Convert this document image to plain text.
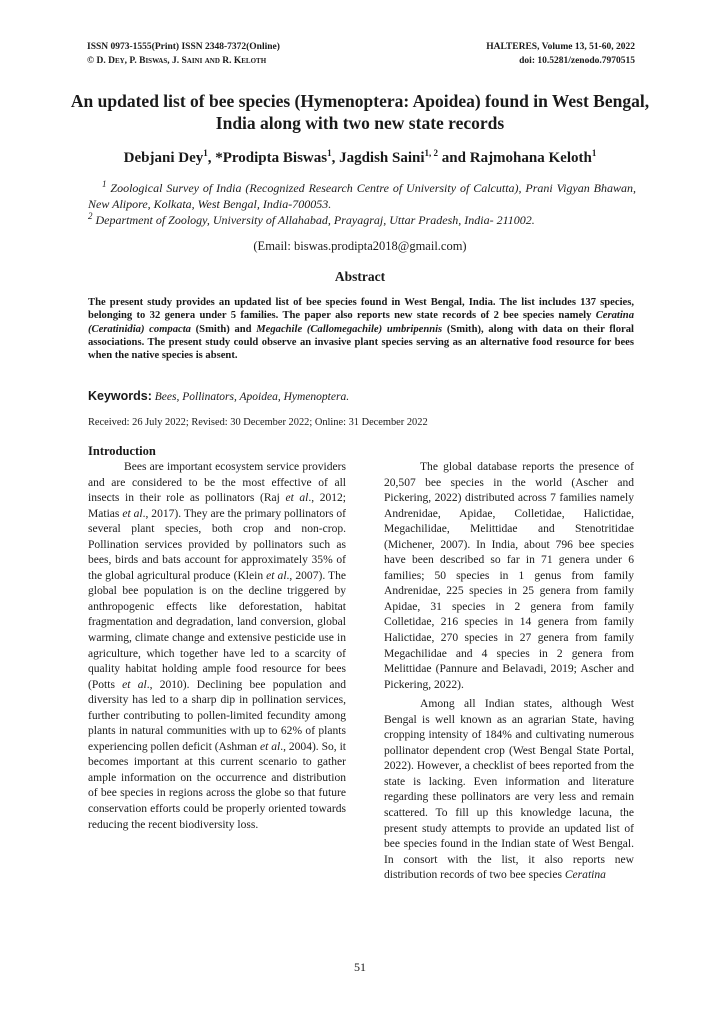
ISSN 0973-1555(Print) ISSN 2348-7372(Online)
© D. Dey, P. Biswas, J. Saini and R. Keloth
HALTERES, Volume 13, 51-60, 2022
doi: 10.5281/zenodo.7970515
An updated list of bee species (Hymenoptera: Apoidea) found in West Bengal, India along with two new state records
Debjani Dey$^1$, *Prodipta Biswas$^1$, Jagdish Saini$^{1, 2}$ and Rajmohana Keloth$^1$
$^1$ Zoological Survey of India (Recognized Research Centre of University of Calcutta), Prani Vigyan Bhawan, New Alipore, Kolkata, West Bengal, India-700053.
$^2$ Department of Zoology, University of Allahabad, Prayagraj, Uttar Pradesh, India- 211002.
(Email: biswas.prodipta2018@gmail.com)
Abstract
The present study provides an updated list of bee species found in West Bengal, India. The list includes 137 species, belonging to 32 genera under 5 families. The paper also reports new state records of 2 bee species namely Ceratina (Ceratinidia) compacta (Smith) and Megachile (Callomegachile) umbripennis (Smith), along with data on their floral associations. The present study could observe an invasive plant species serving as an alternative food resource for bees when the native species is absent.
Keywords: Bees, Pollinators, Apoidea, Hymenoptera.
Received: 26 July 2022; Revised: 30 December 2022; Online: 31 December 2022
Introduction

Bees are important ecosystem service providers and are considered to be the most effective of all insects in their role as pollinators (Raj et al., 2012; Matias et al., 2017). They are the primary pollinators of several plant species, both crop and non-crop. Pollination services provided by pollinators such as bees, birds and bats account for approximately 35% of the global agricultural produce (Klein et al., 2007). The global bee population is on the decline triggered by anthropogenic effects like deforestation, habitat fragmentation and degradation, land conversion, global warming, climate change and extensive pesticide use in agriculture, which together have led to a scarcity of quality habitat holding ample food resource for bees (Potts et al., 2010). Declining bee population and diversity has led to a sharp dip in pollination services, further contributing to pollen-limited fecundity among plants in natural communities with up to 62% of plants experiencing pollen deficit (Ashman et al., 2004). So, it becomes important at this current scenario to gather ample information on the occurrence and distribution of bee species in regions across the globe so that future conservation efforts could be properly oriented towards reducing the recent biodiversity loss.

The global database reports the presence of 20,507 bee species in the world (Ascher and Pickering, 2022) distributed across 7 families namely Andrenidae, Apidae, Colletidae, Halictidae, Megachilidae, Melittidae and Stenotritidae (Michener, 2007). In India, about 796 bee species have been described so far in 71 genera under 6 families; 50 species in 1 genus from family Andrenidae, 225 species in 25 genera from family Apidae, 31 species in 2 genera from family Colletidae, 216 species in 14 genera from family Halictidae, 270 species in 27 genera from family Megachilidae and 4 species in 2 genera from Melittidae (Pannure and Belavadi, 2019; Ascher and Pickering, 2022).

Among all Indian states, although West Bengal is well known as an agrarian State, having cropping intensity of 184% and cultivating numerous pollinator dependent crop (West Bengal State Portal, 2022). However, a checklist of bees reported from the state is lacking. Even information and literature regarding these pollinators are very less and remain scattered. To fill up this knowledge lacuna, the present study attempts to provide an updated list of bee species found in the Indian state of West Bengal. In consort with the list, it also reports new distribution records of two bee species Ceratina

51
